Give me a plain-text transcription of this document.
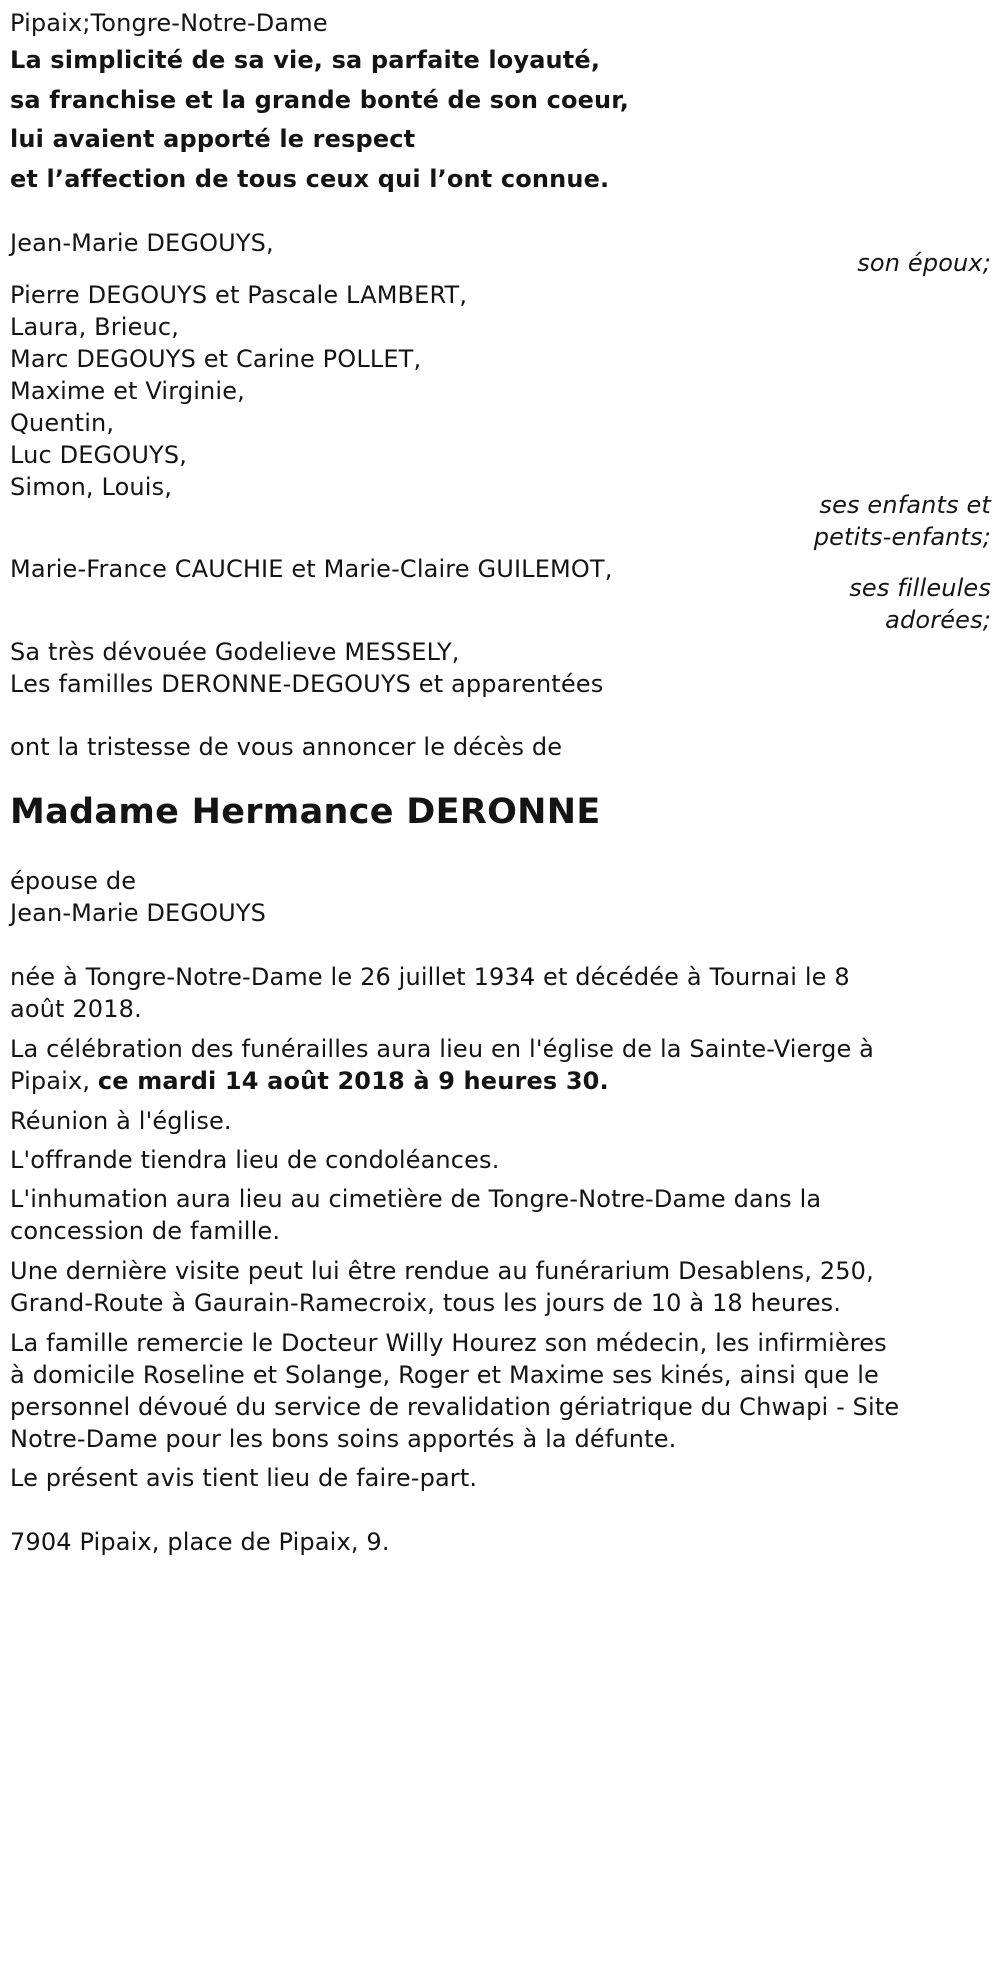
Pipaix;Tongre-Notre-Dame
La simplicité de sa vie, sa parfaite loyauté,
sa franchise et la grande bonté de son coeur,
lui avaient apporté le respect
et l’affection de tous ceux qui l’ont connue.
Jean-Marie DEGOUYS,
son époux;
Pierre DEGOUYS et Pascale LAMBERT,
Laura, Brieuc,
Marc DEGOUYS et Carine POLLET,
Maxime et Virginie,
Quentin,
Luc DEGOUYS,
Simon, Louis,
ses enfants et
petits-enfants;
Marie-France CAUCHIE et Marie-Claire GUILEMOT,
ses filleules
adorées;
Sa très dévouée Godelieve MESSELY,
Les familles DERONNE-DEGOUYS et apparentées
ont la tristesse de vous annoncer le décès de
Madame Hermance DERONNE
épouse de
Jean-Marie DEGOUYS
née à Tongre-Notre-Dame le 26 juillet 1934 et décédée à Tournai le 8
août 2018.
La célébration des funérailles aura lieu en l'église de la Sainte-Vierge à
Pipaix, ce mardi 14 août 2018 à 9 heures 30.
Réunion à l'église.
L'offrande tiendra lieu de condoléances.
L'inhumation aura lieu au cimetière de Tongre-Notre-Dame dans la
concession de famille.
Une dernière visite peut lui être rendue au funérarium Desablens, 250,
Grand-Route à Gaurain-Ramecroix, tous les jours de 10 à 18 heures.
La famille remercie le Docteur Willy Hourez son médecin, les infirmières
à domicile Roseline et Solange, Roger et Maxime ses kinés, ainsi que le
personnel dévoué du service de revalidation gériatrique du Chwapi - Site
Notre-Dame pour les bons soins apportés à la défunte.
Le présent avis tient lieu de faire-part.
7904 Pipaix, place de Pipaix, 9.
